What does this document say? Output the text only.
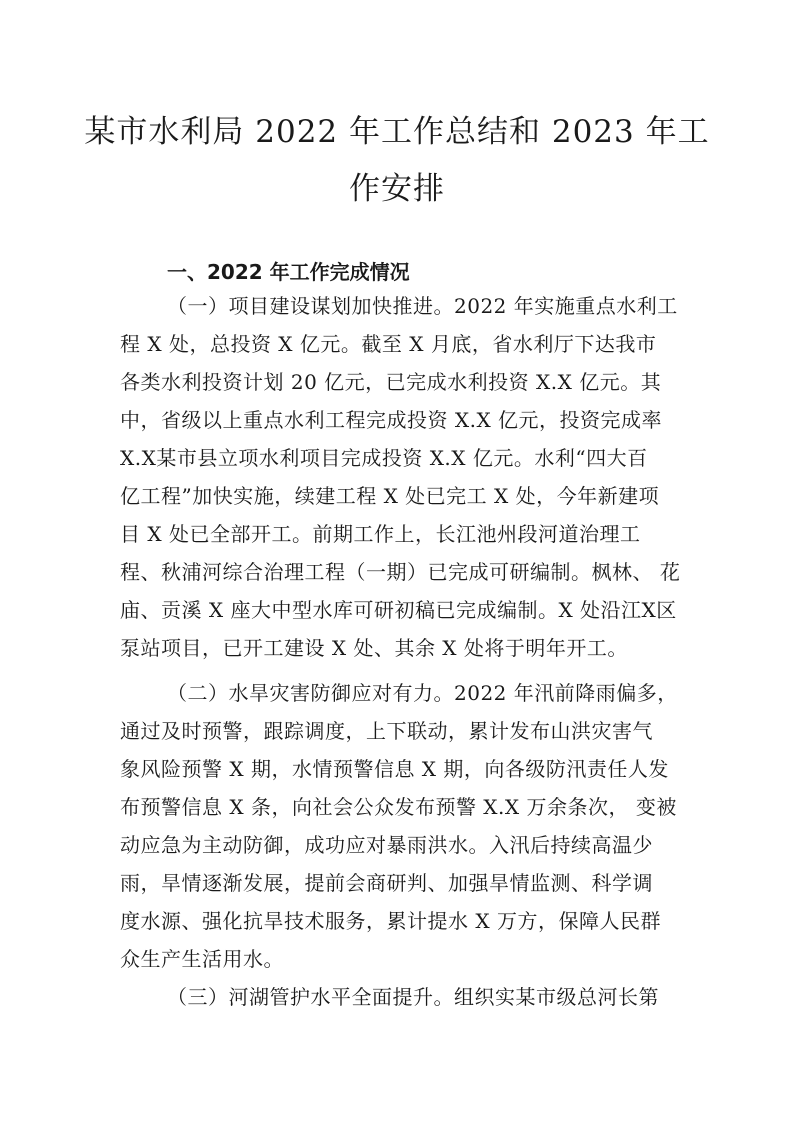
某市水利局 2022 年工作总结和 2023 年工
作安排
一、2022 年工作完成情况
（一）项目建设谋划加快推进。2022 年实施重点水利工
程 X 处，总投资 X 亿元。截至 X 月底，省水利厅下达我市
各类水利投资计划 20 亿元，已完成水利投资 X.X 亿元。其
中，省级以上重点水利工程完成投资 X.X 亿元，投资完成率
X.X某市县立项水利项目完成投资 X.X 亿元。水利“四大百
亿工程”加快实施，续建工程 X 处已完工 X 处，今年新建项
目 X 处已全部开工。前期工作上，长江池州段河道治理工
程、秋浦河综合治理工程（一期）已完成可研编制。枫林、 花
庙、贡溪 X 座大中型水库可研初稿已完成编制。X 处沿江X区
泵站项目，已开工建设 X 处、其余 X 处将于明年开工。
（二）水旱灾害防御应对有力。2022 年汛前降雨偏多，
通过及时预警，跟踪调度，上下联动，累计发布山洪灾害气
象风险预警 X 期，水情预警信息 X 期，向各级防汛责任人发
布预警信息 X 条，向社会公众发布预警 X.X 万余条次， 变被
动应急为主动防御，成功应对暴雨洪水。入汛后持续高温少
雨，旱情逐渐发展，提前会商研判、加强旱情监测、科学调
度水源、强化抗旱技术服务，累计提水 X 万方，保障人民群
众生产生活用水。
（三）河湖管护水平全面提升。组织实某市级总河长第
